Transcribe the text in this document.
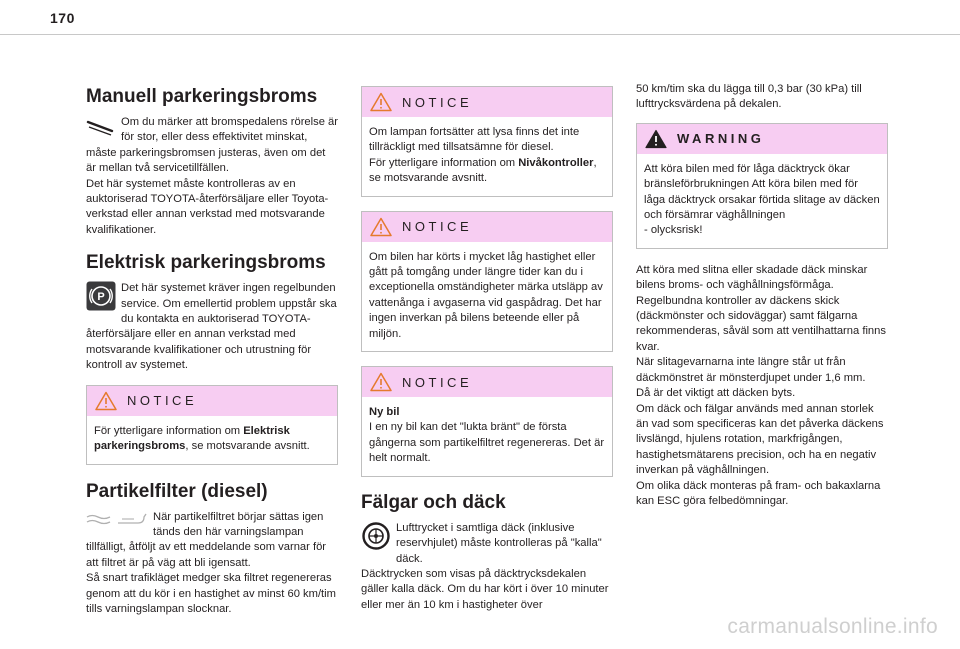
170
Manuell parkeringsbroms

Om du märker att bromspedalens rörelse är för stor, eller dess effektivitet minskat, måste parkeringsbromsen justeras, även om det är mellan två servicetillfällen.
Det här systemet måste kontrolleras av en auktoriserad TOYOTA-återförsäljare eller Toyota-verkstad eller annan verkstad med motsvarande kvalifikationer.

Elektrisk parkeringsbroms
P

Det här systemet kräver ingen regelbunden service. Om emellertid problem uppstår ska du kontakta en auktoriserad TOYOTA-återförsäljare eller en annan verkstad med motsvarande kvalifikationer och utrustning för kontroll av systemet.

NOTICE

För ytterligare information om Elektrisk parkeringsbroms, se motsvarande avsnitt.

Partikelfilter (diesel)

När partikelfiltret börjar sättas igen tänds den här varningslampan tillfälligt, åtföljt av ett meddelande som varnar för att filtret är på väg att bli igensatt.
Så snart trafikläget medger ska filtret regenereras genom att du kör i en hastighet av minst 60 km/tim tills varningslampan slocknar.

NOTICE

Om lampan fortsätter att lysa finns det inte tillräckligt med tillsatsämne för diesel.
För ytterligare information om Nivåkontroller, se motsvarande avsnitt.

NOTICE

Om bilen har körts i mycket låg hastighet eller gått på tomgång under längre tider kan du i exceptionella omständigheter märka utsläpp av vattenånga i avgaserna vid gaspådrag. Det har ingen inverkan på bilens beteende eller på miljön.

NOTICE

Ny bil

I en ny bil kan det "lukta bränt" de första gångerna som partikelfiltret regenereras. Det är helt normalt.

Fälgar och däck

Lufttrycket i samtliga däck (inklusive reservhjulet) måste kontrolleras på "kalla" däck.
Däcktrycken som visas på däcktrycksdekalen gäller kalla däck. Om du har kört i över 10 minuter eller mer än 10 km i hastigheter över

50 km/tim ska du lägga till 0,3 bar (30 kPa) till lufttrycksvärdena på dekalen.

WARNING

Att köra bilen med för låga däcktryck ökar bränsleförbrukningen Att köra bilen med för låga däcktryck orsakar förtida slitage av däcken och försämrar väghållningen
- olycksrisk!

Att köra med slitna eller skadade däck minskar bilens broms- och väghållningsförmåga.
Regelbundna kontroller av däckens skick (däckmönster och sidoväggar) samt fälgarna rekommenderas, såväl som att ventilhattarna finns kvar.
När slitagevarnarna inte längre står ut från däckmönstret är mönsterdjupet under 1,6 mm.
Då är det viktigt att däcken byts.
Om däck och fälgar används med annan storlek än vad som specificeras kan det påverka däckens livslängd, hjulens rotation, markfrigången, hastighetsmätarens precision, och ha en negativ inverkan på väghållningen.
Om olika däck monteras på fram- och bakaxlarna kan ESC göra felbedömningar.

carmanualsonline.info
